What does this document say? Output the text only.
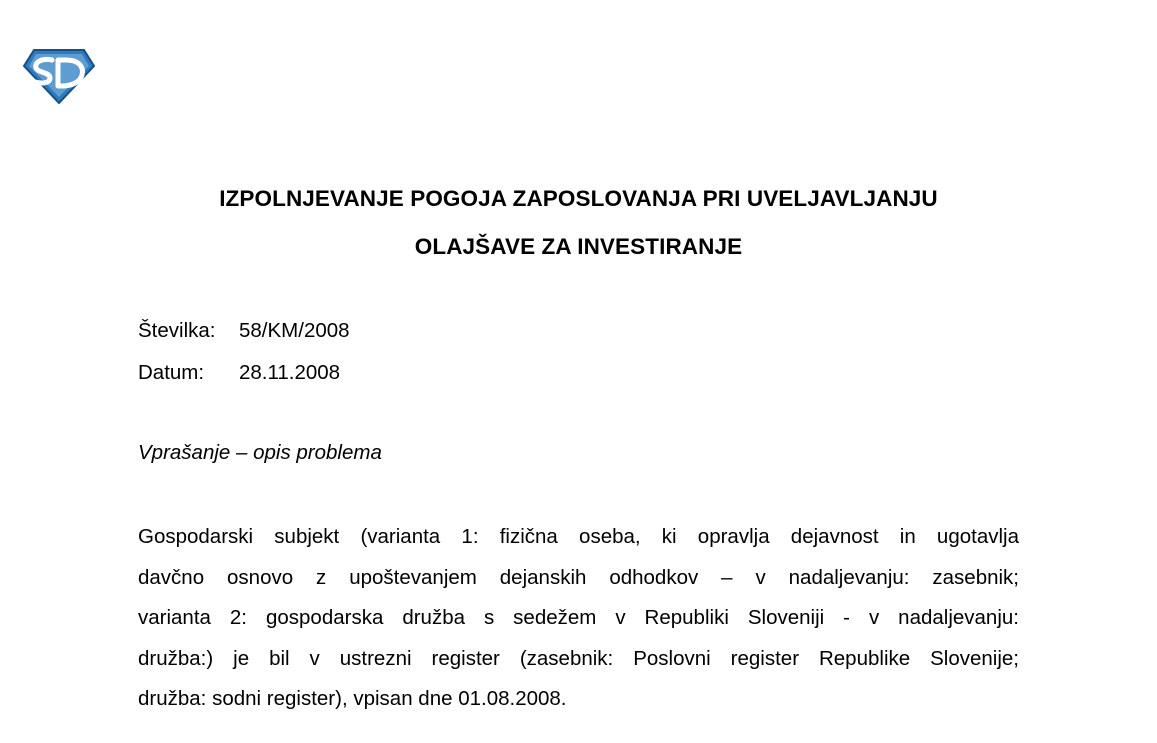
IZPOLNJEVANJE POGOJA ZAPOSLOVANJA PRI UVELJAVLJANJU
OLAJŠAVE ZA INVESTIRANJE
Številka: 58/KM/2008
Datum: 28.11.2008
Vprašanje – opis problema
Gospodarski subjekt (varianta 1: fizična oseba, ki opravlja dejavnost in ugotavlja
davčno osnovo z upoštevanjem dejanskih odhodkov – v nadaljevanju: zasebnik;
varianta 2: gospodarska družba s sedežem v Republiki Sloveniji - v nadaljevanju:
družba:) je bil v ustrezni register (zasebnik: Poslovni register Republike Slovenije;
družba: sodni register), vpisan dne 01.08.2008.
